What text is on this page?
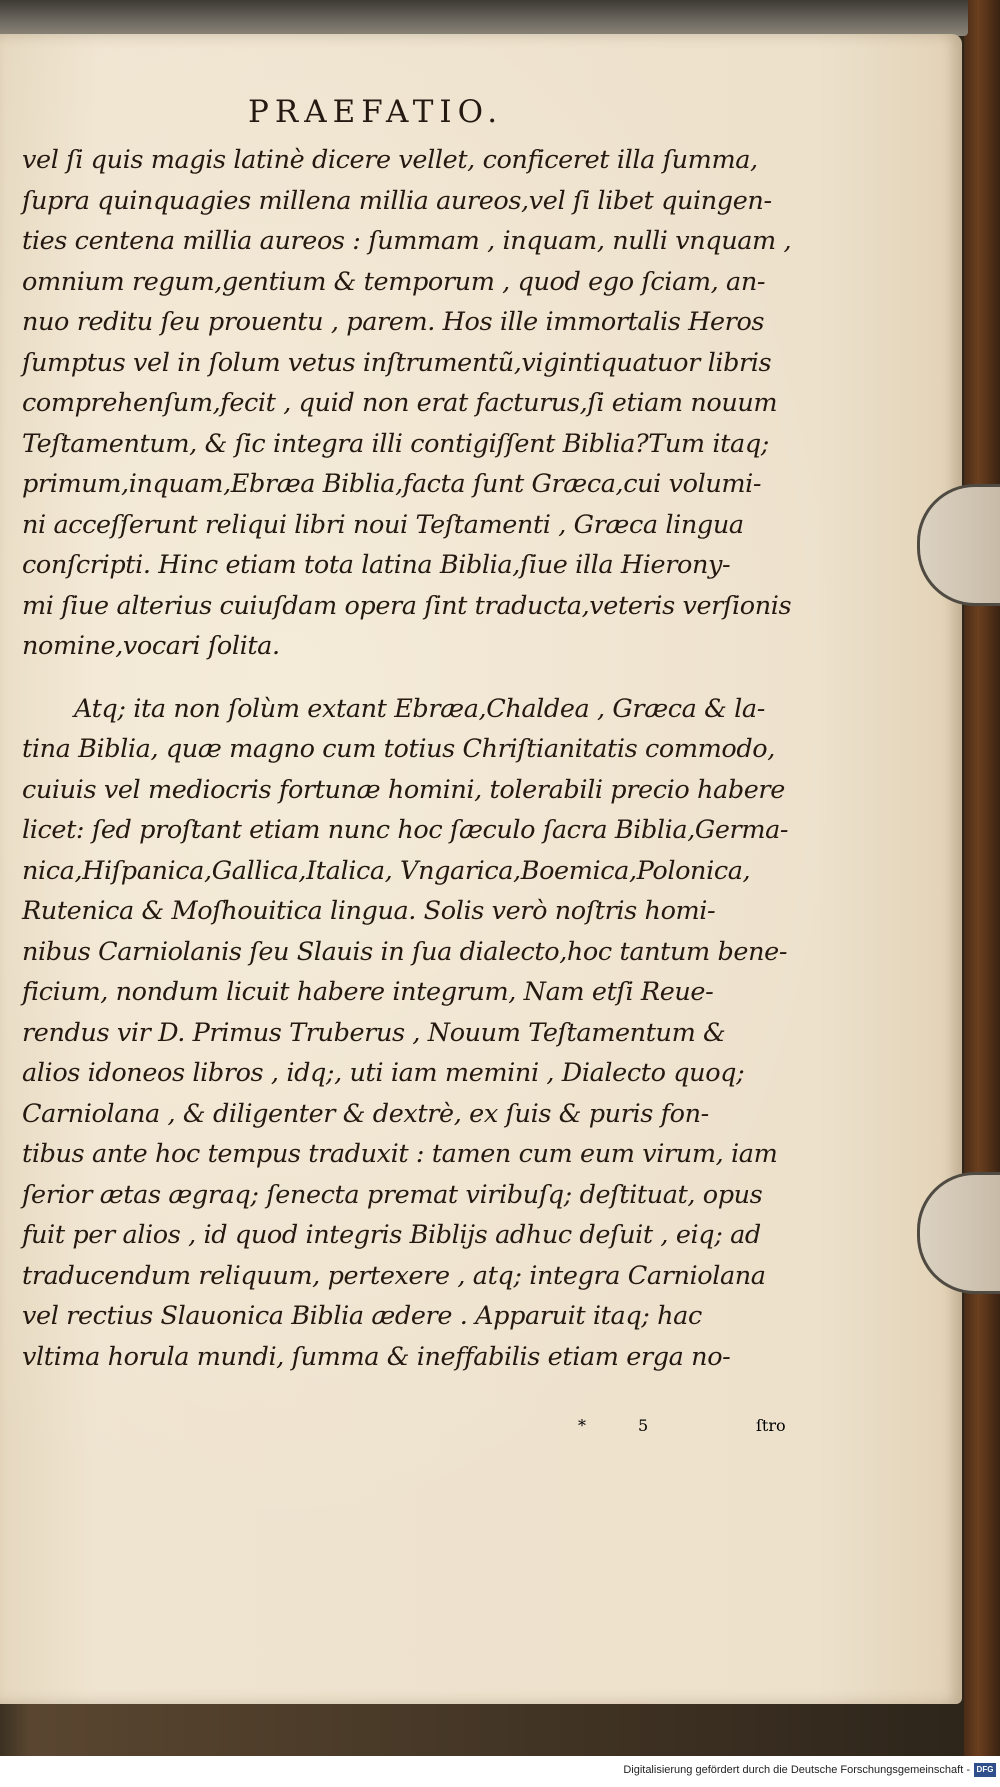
PRAEFATIO.
vel ſi quis magis latinè dicere vellet, conficeret illa ſumma,
ſupra quinquagies millena millia aureos,vel ſi libet quingen-
ties centena millia aureos : ſummam , inquam, nulli vnquam ,
omnium regum,gentium & temporum , quod ego ſciam, an-
nuo reditu ſeu prouentu , parem. Hos ille immortalis Heros
ſumptus vel in ſolum vetus inſtrumentũ,vigintiquatuor libris
comprehenſum,fecit , quid non erat facturus,ſi etiam nouum
Teſtamentum, & ſic integra illi contigiſſent Biblia?Tum itaq;
primum,inquam,Ebræa Biblia,facta ſunt Græca,cui volumi-
ni acceſſerunt reliqui libri noui Teſtamenti , Græca lingua
conſcripti. Hinc etiam tota latina Biblia,ſiue illa Hierony-
mi ſiue alterius cuiuſdam opera ſint traducta,veteris verſionis
nomine,vocari ſolita.
Atq; ita non ſolùm extant Ebræa,Chaldea , Græca & la-
tina Biblia, quæ magno cum totius Chriſtianitatis commodo,
cuiuis vel mediocris fortunæ homini, tolerabili precio habere
licet: ſed proſtant etiam nunc hoc ſæculo ſacra Biblia,Germa-
nica,Hiſpanica,Gallica,Italica, Vngarica,Boemica,Polonica,
Rutenica & Moſhouitica lingua. Solis verò noſtris homi-
nibus Carniolanis ſeu Slauis in ſua dialecto,hoc tantum bene-
ficium, nondum licuit habere integrum, Nam etſi Reue-
rendus vir D. Primus Truberus , Nouum Teſtamentum &
alios idoneos libros , idq;, uti iam memini , Dialecto quoq;
Carniolana , & diligenter & dextrè, ex ſuis & puris fon-
tibus ante hoc tempus traduxit : tamen cum eum virum, iam
ſerior ætas ægraq; ſenecta premat viribuſq; deſtituat, opus
fuit per alios , id quod integris Biblijs adhuc deſuit , eiq; ad
traducendum reliquum, pertexere , atq; integra Carniolana
vel rectius Slauonica Biblia ædere . Apparuit itaq; hac
vltima horula mundi, ſumma & ineffabilis etiam erga no-
*	5	ſtro
Digitalisierung gefördert durch die Deutsche Forschungsgemeinschaft - DFG
